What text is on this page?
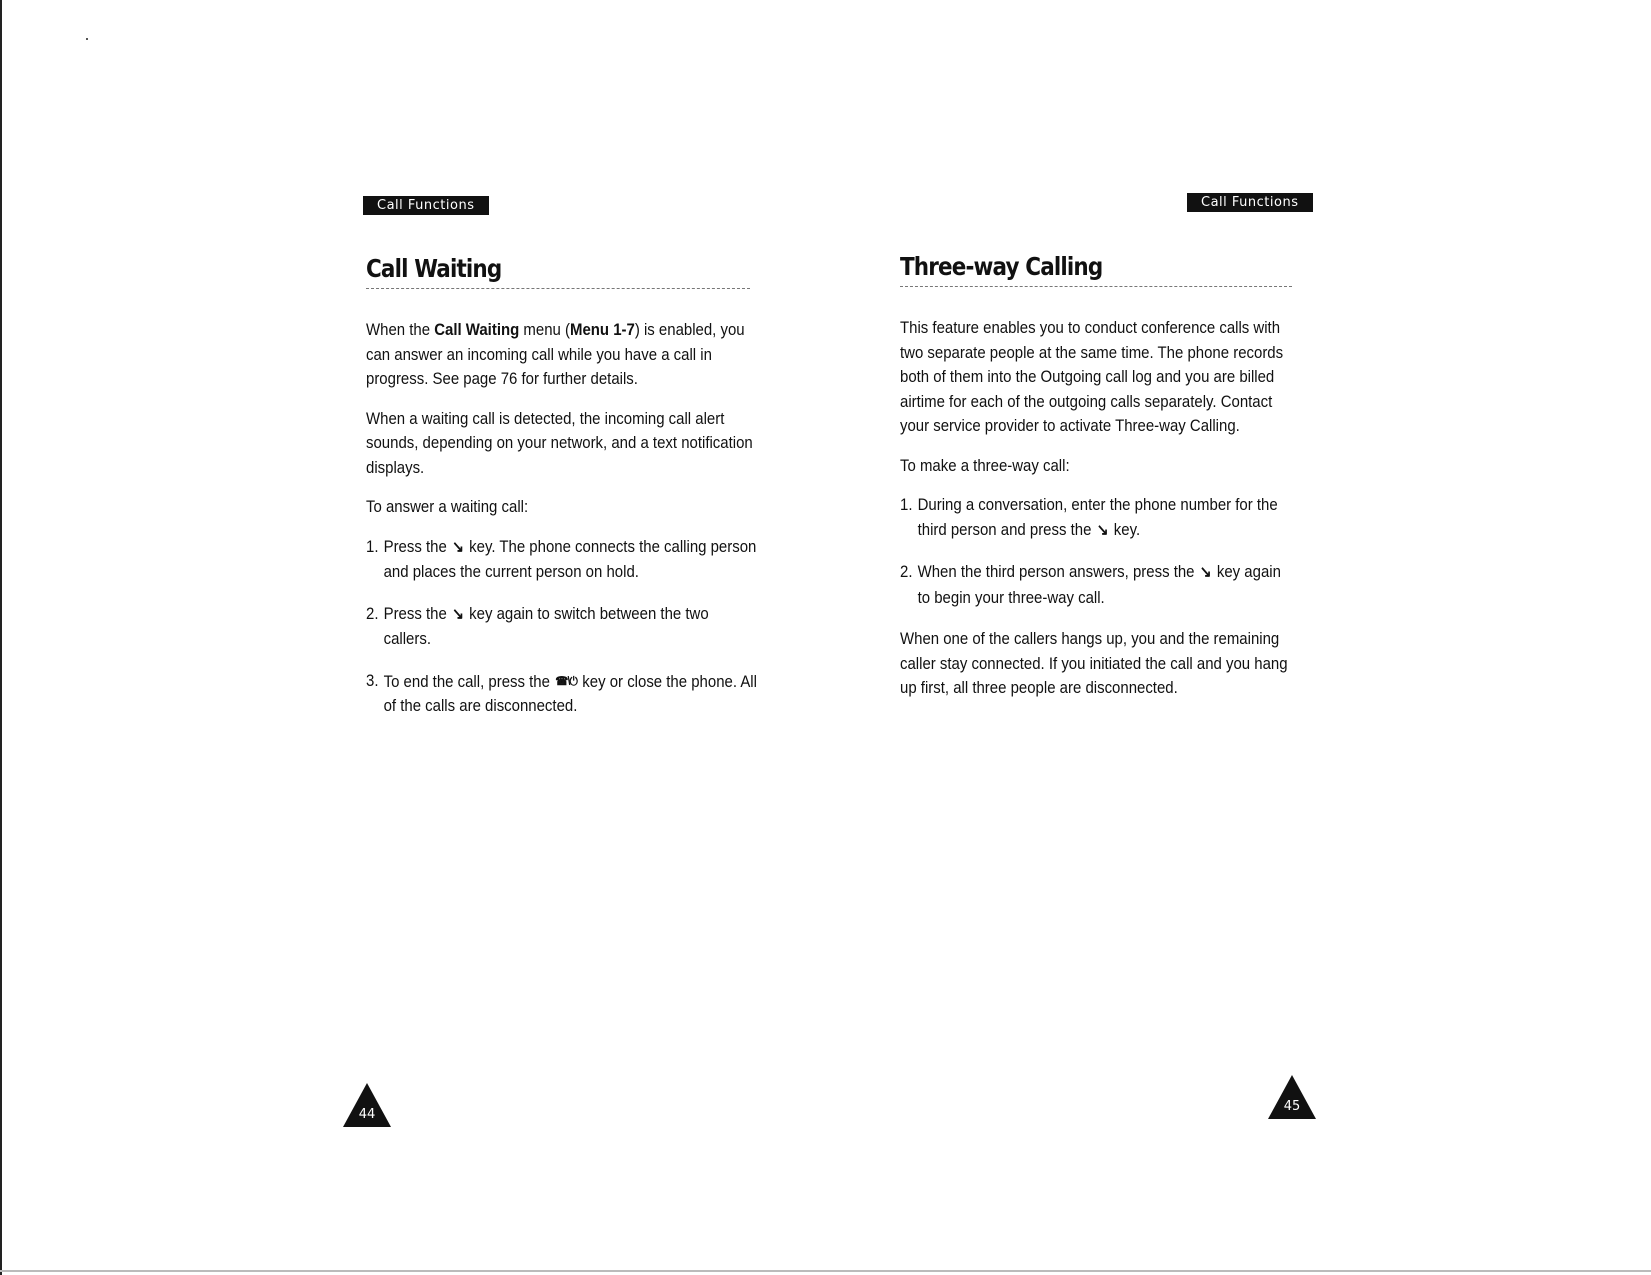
Call Functions
Call Waiting

When the Call Waiting menu (Menu 1-7) is enabled, you can answer an incoming call while you have a call in progress. See page 76 for further details.

When a waiting call is detected, the incoming call alert sounds, depending on your network, and a text notification displays.

To answer a waiting call:

1. Press the ↘ key. The phone connects the calling person and places the current person on hold.
2. Press the ↘ key again to switch between the two callers.
3. To end the call, press the ☎\⏻ key or close the phone. All of the calls are disconnected.
44
Call Functions
Three-way Calling

This feature enables you to conduct conference calls with two separate people at the same time. The phone records both of them into the Outgoing call log and you are billed airtime for each of the outgoing calls separately. Contact your service provider to activate Three-way Calling.

To make a three-way call:

1. During a conversation, enter the phone number for the third person and press the ↘ key.
2. When the third person answers, press the ↘ key again to begin your three-way call.

When one of the callers hangs up, you and the remaining caller stay connected. If you initiated the call and you hang up first, all three people are disconnected.

45
